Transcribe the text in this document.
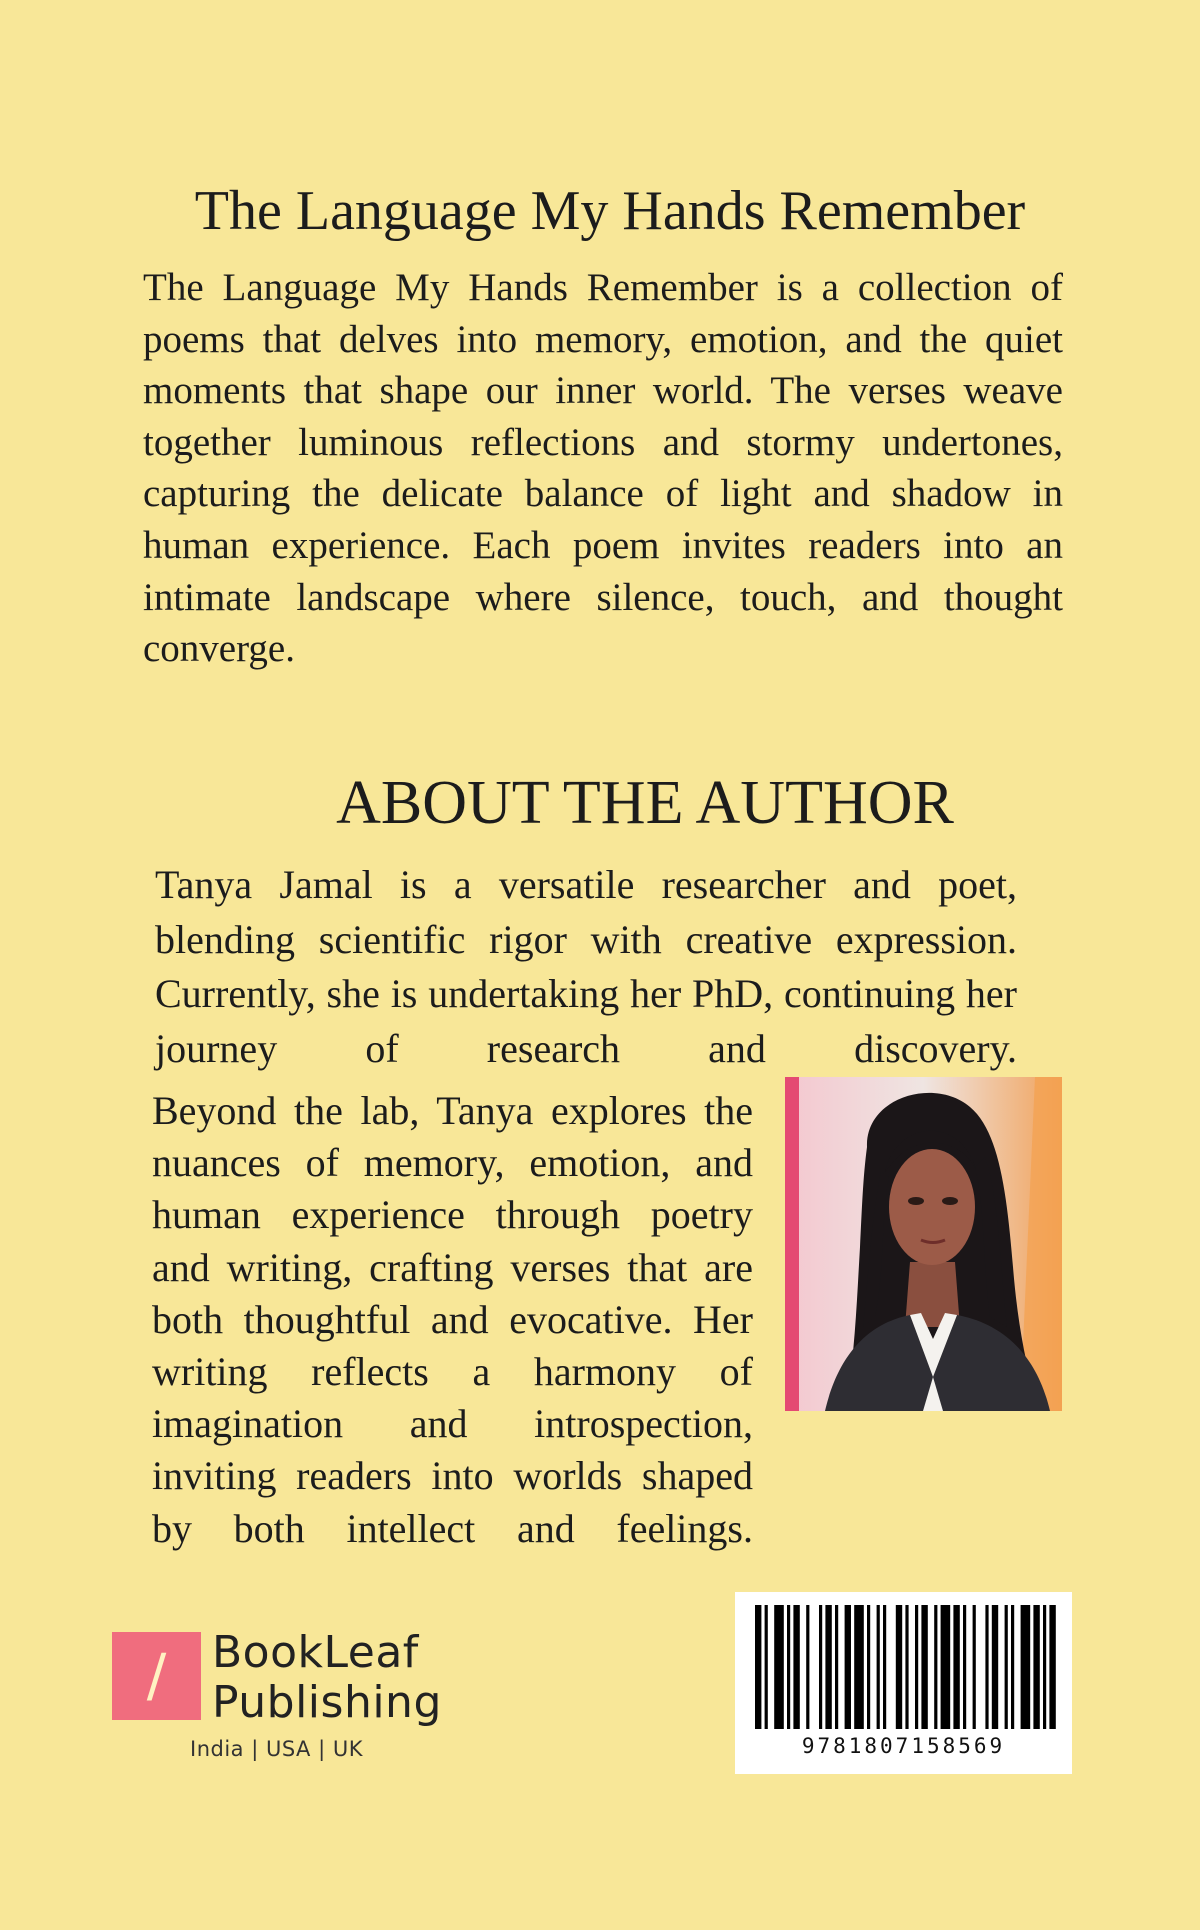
The Language My Hands Remember
The Language My Hands Remember is a collection of poems that delves into memory, emotion, and the quiet moments that shape our inner world. The verses weave together luminous reflections and stormy undertones, capturing the delicate balance of light and shadow in human experience. Each poem invites readers into an intimate landscape where silence, touch, and thought converge.
ABOUT THE AUTHOR
Tanya Jamal is a versatile researcher and poet, blending scientific rigor with creative expression. Currently, she is undertaking her PhD, continuing her journey of research and discovery.
Beyond the lab, Tanya explores the nuances of memory, emotion, and human experience through poetry and writing, crafting verses that are both thoughtful and evocative. Her writing reflects a harmony of imagination and introspection, inviting readers into worlds shaped by both intellect and feelings.
/	BookLeaf
Publishing
India | USA | UK	9781807158569
